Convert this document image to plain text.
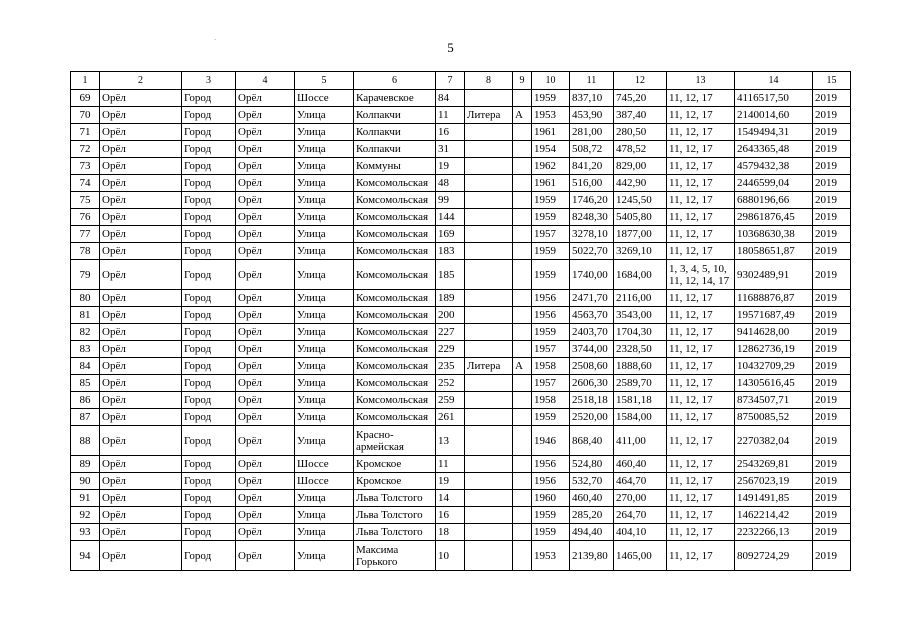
5
·
1	2	3	4	5	6	7	8	9	10	11	12	13	14	15
69	Орёл	Город	Орёл	Шоссе	Карачевское	84			1959	837,10	745,20	11, 12, 17	4116517,50	2019
70	Орёл	Город	Орёл	Улица	Колпакчи	11	Литера	А	1953	453,90	387,40	11, 12, 17	2140014,60	2019
71	Орёл	Город	Орёл	Улица	Колпакчи	16			1961	281,00	280,50	11, 12, 17	1549494,31	2019
72	Орёл	Город	Орёл	Улица	Колпакчи	31			1954	508,72	478,52	11, 12, 17	2643365,48	2019
73	Орёл	Город	Орёл	Улица	Коммуны	19			1962	841,20	829,00	11, 12, 17	4579432,38	2019
74	Орёл	Город	Орёл	Улица	Комсомольская	48			1961	516,00	442,90	11, 12, 17	2446599,04	2019
75	Орёл	Город	Орёл	Улица	Комсомольская	99			1959	1746,20	1245,50	11, 12, 17	6880196,66	2019
76	Орёл	Город	Орёл	Улица	Комсомольская	144			1959	8248,30	5405,80	11, 12, 17	29861876,45	2019
77	Орёл	Город	Орёл	Улица	Комсомольская	169			1957	3278,10	1877,00	11, 12, 17	10368630,38	2019
78	Орёл	Город	Орёл	Улица	Комсомольская	183			1959	5022,70	3269,10	11, 12, 17	18058651,87	2019
79	Орёл	Город	Орёл	Улица	Комсомольская	185			1959	1740,00	1684,00	1, 3, 4, 5, 10, 11, 12, 14, 17	9302489,91	2019
80	Орёл	Город	Орёл	Улица	Комсомольская	189			1956	2471,70	2116,00	11, 12, 17	11688876,87	2019
81	Орёл	Город	Орёл	Улица	Комсомольская	200			1956	4563,70	3543,00	11, 12, 17	19571687,49	2019
82	Орёл	Город	Орёл	Улица	Комсомольская	227			1959	2403,70	1704,30	11, 12, 17	9414628,00	2019
83	Орёл	Город	Орёл	Улица	Комсомольская	229			1957	3744,00	2328,50	11, 12, 17	12862736,19	2019
84	Орёл	Город	Орёл	Улица	Комсомольская	235	Литера	А	1958	2508,60	1888,60	11, 12, 17	10432709,29	2019
85	Орёл	Город	Орёл	Улица	Комсомольская	252			1957	2606,30	2589,70	11, 12, 17	14305616,45	2019
86	Орёл	Город	Орёл	Улица	Комсомольская	259			1958	2518,18	1581,18	11, 12, 17	8734507,71	2019
87	Орёл	Город	Орёл	Улица	Комсомольская	261			1959	2520,00	1584,00	11, 12, 17	8750085,52	2019
88	Орёл	Город	Орёл	Улица	Красно-армейская	13			1946	868,40	411,00	11, 12, 17	2270382,04	2019
89	Орёл	Город	Орёл	Шоссе	Кромское	11			1956	524,80	460,40	11, 12, 17	2543269,81	2019
90	Орёл	Город	Орёл	Шоссе	Кромское	19			1956	532,70	464,70	11, 12, 17	2567023,19	2019
91	Орёл	Город	Орёл	Улица	Льва Толстого	14			1960	460,40	270,00	11, 12, 17	1491491,85	2019
92	Орёл	Город	Орёл	Улица	Льва Толстого	16			1959	285,20	264,70	11, 12, 17	1462214,42	2019
93	Орёл	Город	Орёл	Улица	Льва Толстого	18			1959	494,40	404,10	11, 12, 17	2232266,13	2019
94	Орёл	Город	Орёл	Улица	Максима Горького	10			1953	2139,80	1465,00	11, 12, 17	8092724,29	2019
